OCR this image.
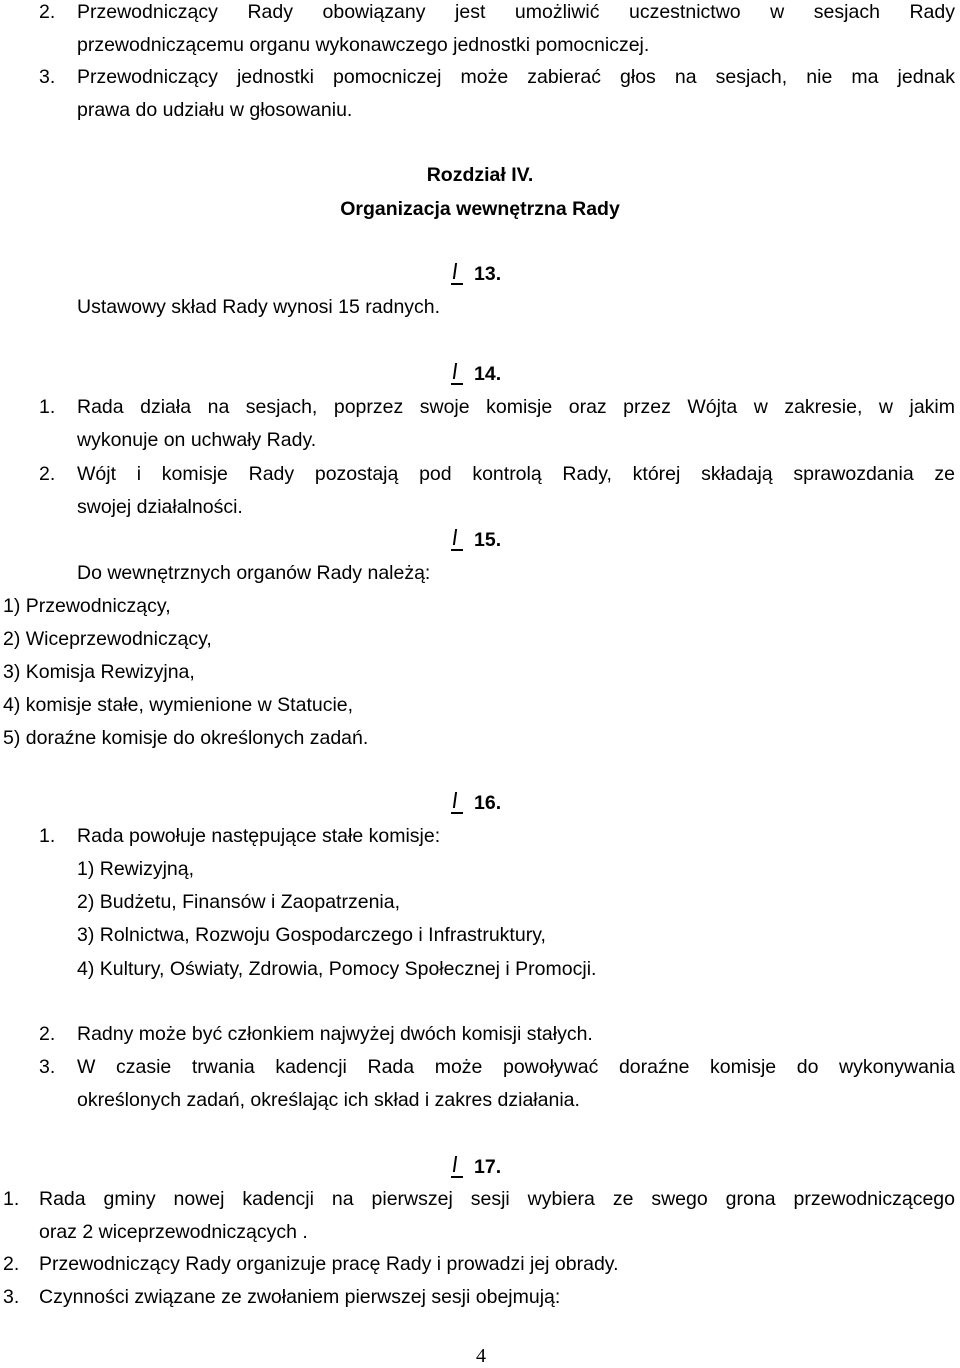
2. Przewodniczący Rady obowiązany jest umożliwić uczestnictwo w sesjach Rady
przewodniczącemu organu wykonawczego jednostki pomocniczej.
3. Przewodniczący jednostki pomocniczej może zabierać głos na sesjach, nie ma jednak
prawa do udziału w głosowaniu.
Rozdział IV.
Organizacja wewnętrzna Rady
13.
Ustawowy skład Rady wynosi 15 radnych.
14.
1. Rada działa na sesjach, poprzez swoje komisje oraz przez Wójta w zakresie, w jakim
wykonuje on uchwały Rady.
2. Wójt i komisje Rady pozostają pod kontrolą Rady, której składają sprawozdania ze
swojej działalności.
15.
Do wewnętrznych organów Rady należą:
1) Przewodniczący,
2) Wiceprzewodniczący,
3) Komisja Rewizyjna,
4) komisje stałe, wymienione w Statucie,
5) doraźne komisje do określonych zadań.
16.
1. Rada powołuje następujące stałe komisje:
1) Rewizyjną,
2) Budżetu, Finansów i Zaopatrzenia,
3) Rolnictwa, Rozwoju Gospodarczego i Infrastruktury,
4) Kultury, Oświaty, Zdrowia, Pomocy Społecznej i Promocji.
2. Radny może być członkiem najwyżej dwóch komisji stałych.
3. W czasie trwania kadencji Rada może powoływać doraźne komisje do wykonywania
określonych zadań, określając ich skład i zakres działania.
17.
1. Rada gminy nowej kadencji na pierwszej sesji wybiera ze swego grona przewodniczącego
oraz 2 wiceprzewodniczących .
2. Przewodniczący Rady organizuje pracę Rady i prowadzi jej obrady.
3. Czynności związane ze zwołaniem pierwszej sesji obejmują:
4
